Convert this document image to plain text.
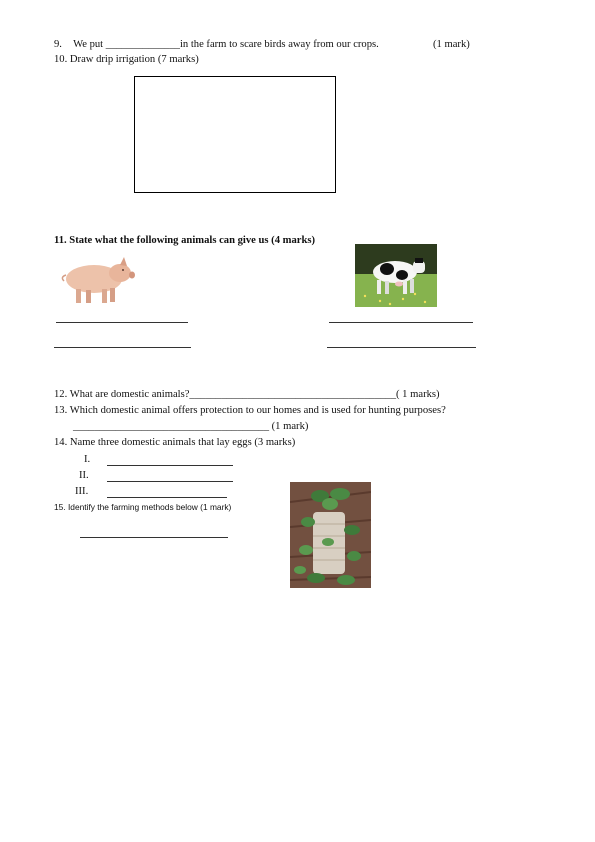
9. We put ______________in the farm to scare birds away from our crops.	(1 mark)
10. Draw drip irrigation (7 marks)
11. State what the following animals can give us (4 marks)
12. What are domestic animals?_______________________________________( 1 marks)
13. Which domestic animal offers protection to our homes and is used for hunting purposes?
_____________________________________ (1 mark)
14. Name three domestic animals that lay eggs (3 marks)
I.
II.
III.
15. Identify the farming methods below (1 mark)
